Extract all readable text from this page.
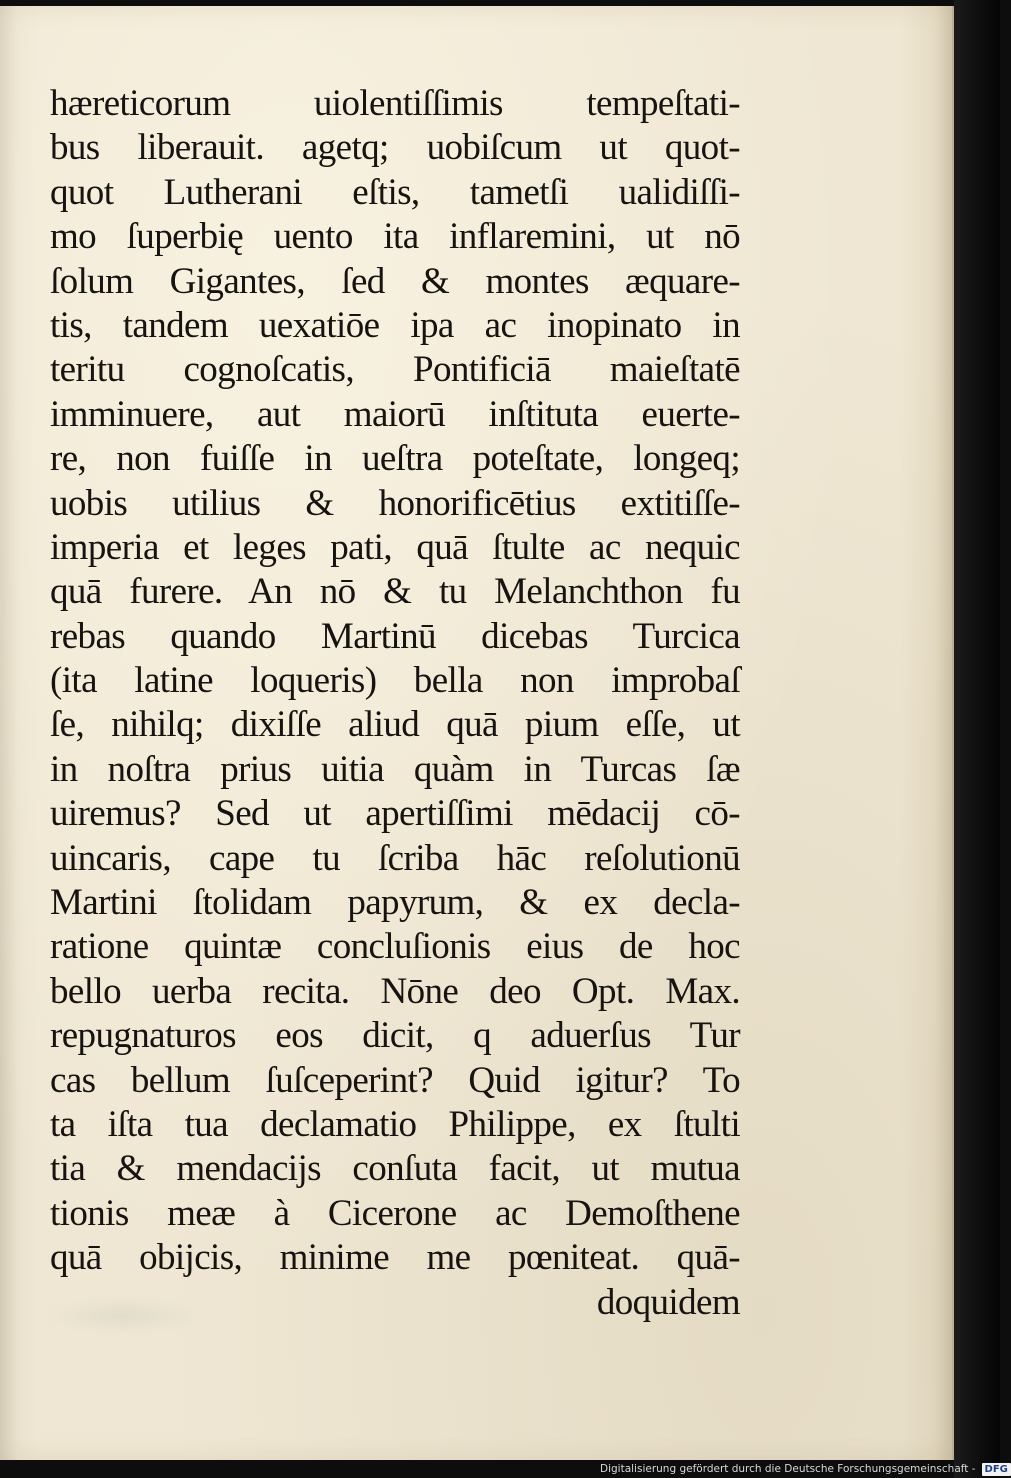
hæreticorum uiolentiſſimis tempeſtati-
bus liberauit. agetq; uobiſcum ut quot-
quot Lutherani eſtis, tametſi ualidiſſi-
mo ſuperbię uento ita inflaremini, ut nō
ſolum Gigantes, ſed & montes æquare-
tis, tandem uexatiōe ipa ac inopinato in
teritu cognoſcatis, Pontificiā maieſtatē
imminuere, aut maiorū inſtituta euerte-
re, non fuiſſe in ueſtra poteſtate, longeq;
uobis utilius & honorificētius extitiſſe-
imperia et leges pati, quā ſtulte ac nequic
quā furere. An nō & tu Melanchthon fu
rebas quando Martinū dicebas Turcica
(ita latine loqueris) bella non improbaſ
ſe, nihilq; dixiſſe aliud quā pium eſſe, ut
in noſtra prius uitia quàm in Turcas ſæ
uiremus? Sed ut apertiſſimi mēdacij cō-
uincaris, cape tu ſcriba hāc reſolutionū
Martini ſtolidam papyrum, & ex decla-
ratione quintæ concluſionis eius de hoc
bello uerba recita. Nōne deo Opt. Max.
repugnaturos eos dicit, q aduerſus Tur
cas bellum ſuſceperint? Quid igitur? To
ta iſta tua declamatio Philippe, ex ſtulti
tia & mendacijs conſuta facit, ut mutua
tionis meæ à Cicerone ac Demoſthene
quā obijcis, minime me pœniteat. quā-
doquidem
Digitalisierung gefördert durch die Deutsche Forschungsgemeinschaft - DFG
